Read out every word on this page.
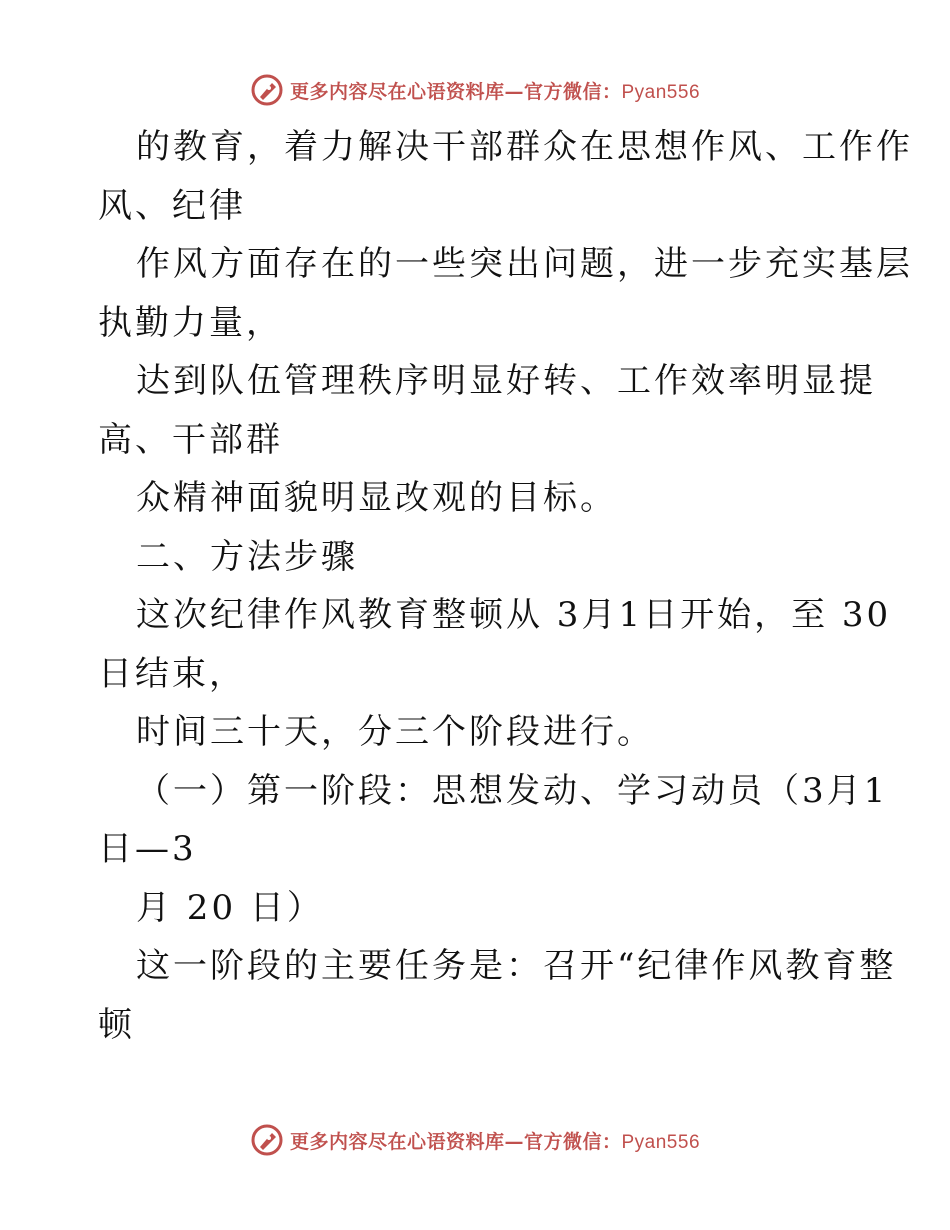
更多内容尽在心语资料库—官方微信：Pyan556
的教育，着力解决干部群众在思想作风、工作作
风、纪律
作风方面存在的一些突出问题，进一步充实基层
执勤力量，
达到队伍管理秩序明显好转、工作效率明显提
高、干部群
众精神面貌明显改观的目标。
二、方法步骤
这次纪律作风教育整顿从 3月1日开始，至 30
日结束，
时间三十天，分三个阶段进行。
（一）第一阶段：思想发动、学习动员（3月1
日—3
月 20 日）
这一阶段的主要任务是：召开“纪律作风教育整
顿
更多内容尽在心语资料库—官方微信：Pyan556
